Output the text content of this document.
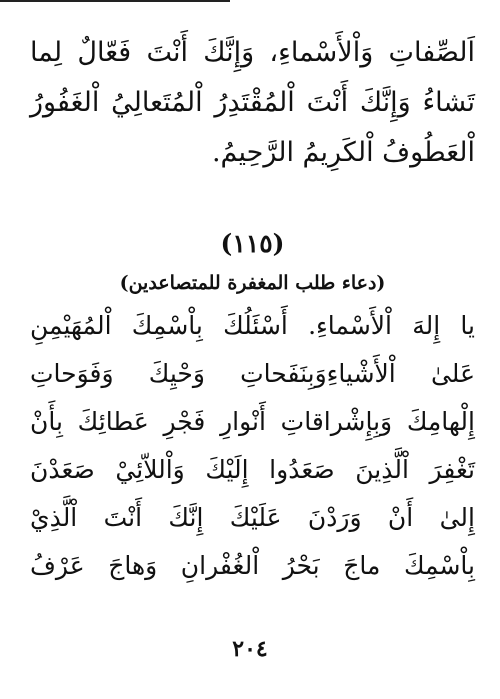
اَلصِّفاتِ وَاْلأَسْماءِ، وَإِنَّكَ أَنْتَ فَعّالٌ لِما
تَشاءُ وَإِنَّكَ أَنْتَ اْلمُقْتَدِرُ اْلمُتَعالِيُ اْلغَفُورُ
اْلعَطُوفُ اْلكَرِيمُ الرَّحِيمُ.
(١١٥)
(دعاء طلب المغفرة للمتصاعدين)
يا إِلهَ اْلأَسْماءِ. أَسْئَلُكَ بِاْسْمِكَ اْلمُهَيْمِنِ
عَلىٰ اْلأَشْياءِوَبِنَفَحاتِ وَحْيِكَ وَفَوَحاتِ
إِلْهامِكَ وَبِإِشْراقاتِ أَنْوارِ فَجْرِ عَطائِكَ بِأَنْ
تَغْفِرَ اْلَّذِينَ صَعَدُوا إِلَيْكَ وَاْللاّئِيْ صَعَدْنَ
إِلىٰ أَنْ وَرَدْنَ عَلَيْكَ إِنَّكَ أَنْتَ اْلَّذِيْ
بِاْسْمِكَ ماجَ بَحْرُ اْلغُفْرانِ وَهاجَ عَرْفُ
٢٠٤
